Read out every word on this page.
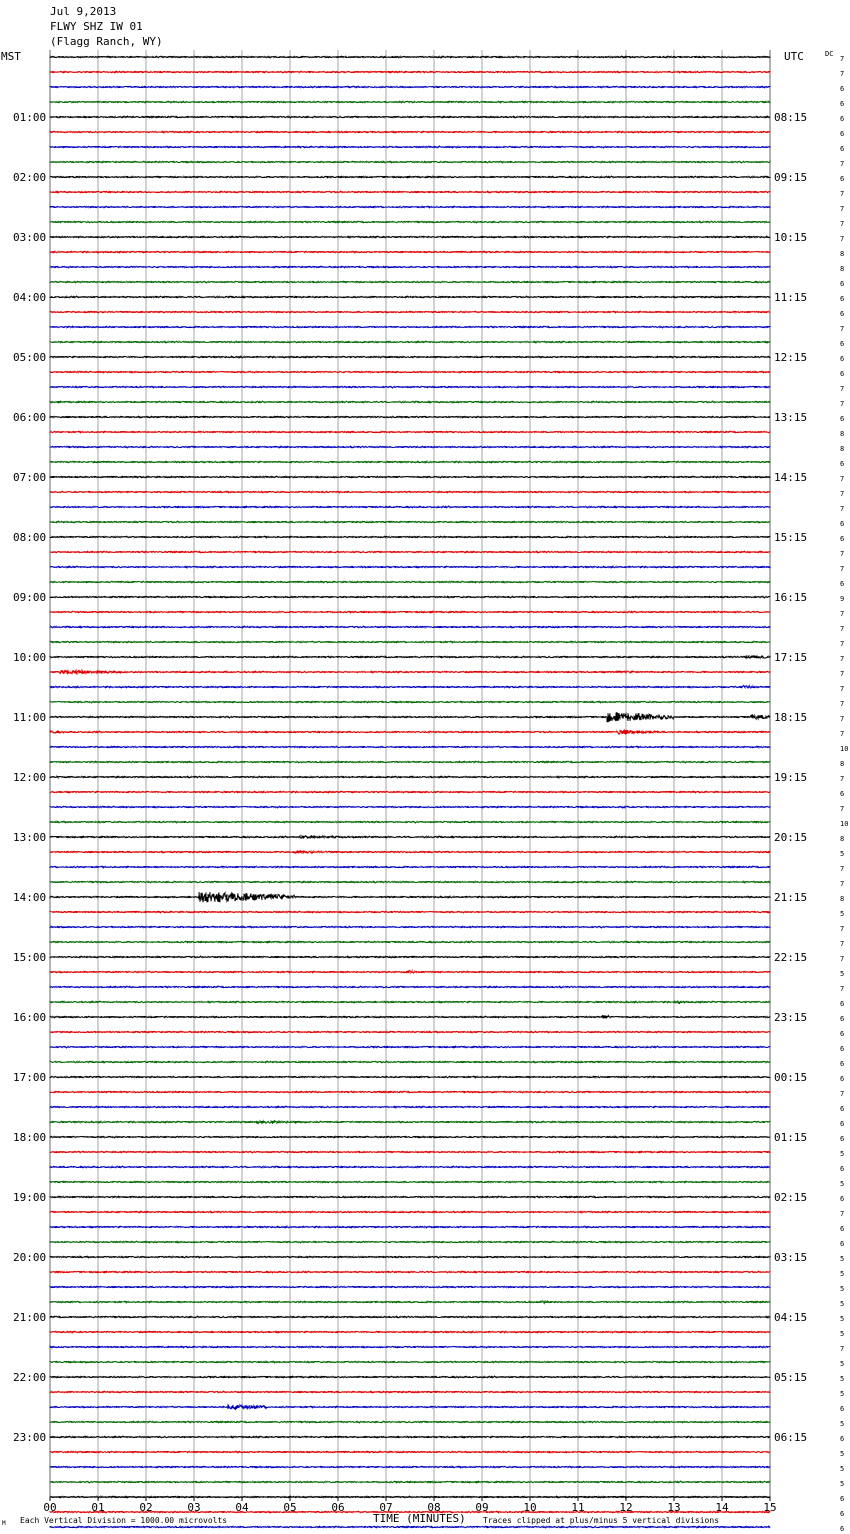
00	01	02	03	04	05	06	07	08	09	10	11	12	13	14	15
7
7
6
6
6
01:00	08:15
6
6
7
6
02:00	09:15
7
7
7
7
03:00	10:15
8
8
6
6
04:00	11:15
6
7
6
6
05:00	12:15
6
7
7
6
06:00	13:15
8
8
6
7
07:00	14:15
7
7
6
6
08:00	15:15
7
7
6
9
09:00	16:15
7
7
7
7
10:00	17:15
7
7
7
7
11:00	18:15
7
10
8
7
12:00	19:15
6
7
10
8
13:00	20:15
5
7
7
8
14:00	21:15
5
7
7
7
15:00	22:15
5
7
6
6
16:00	23:15
6
6
6
6
17:00	00:15
7
6
6
6
18:00	01:15
5
6
5
6
19:00	02:15
7
6
6
5
20:00	03:15
5
5
5
5
21:00	04:15
5
7
5
5
22:00	05:15
5
6
5
6
23:00	06:15
5
5
5
6
6
6
MST	UTC	DC
M Each Vertical Division = 1000.00 microvolts	TIME (MINUTES) Traces clipped at plus/minus 5 vertical divisions
Jul 9,2013
FLWY SHZ IW 01
(Flagg Ranch, WY)
